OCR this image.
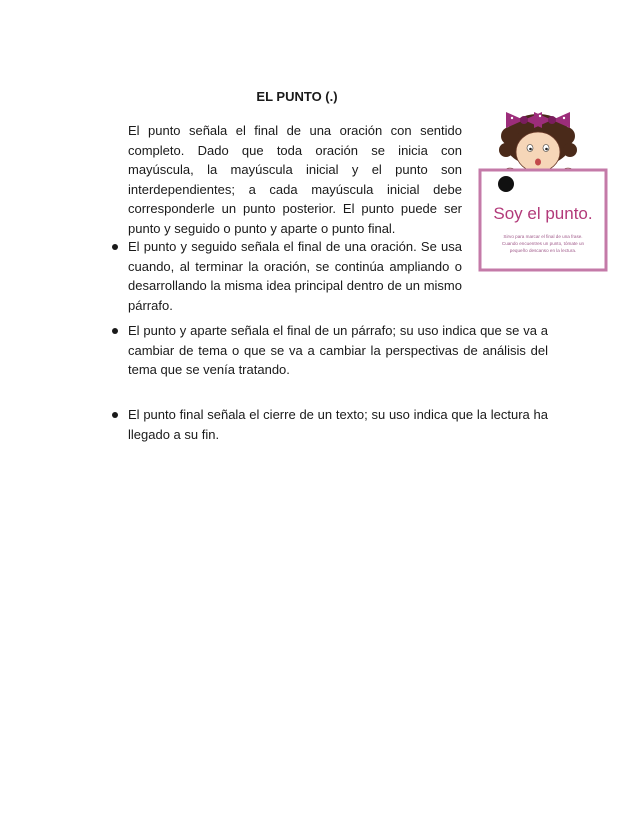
EL PUNTO (.)

El punto señala el final de una oración con sentido completo. Dado que toda oración se inicia con mayúscula, la mayúscula inicial y el punto son interdependientes; a cada mayúscula inicial debe corresponderle un punto posterior. El punto puede ser punto y seguido o punto y aparte o punto final.

El punto y seguido señala el final de una oración. Se usa cuando, al terminar la oración, se continúa ampliando o desarrollando la misma idea principal dentro de un mismo párrafo.

El punto y aparte señala el final de un párrafo; su uso indica que se va a cambiar de tema o que se va a cambiar la perspectivas de análisis del tema que se venía tratando.

El punto final señala el cierre de un texto; su uso indica que la lectura ha llegado a su fin.

Soy el punto.
Sirvo para marcar el final de una frase.
Cuando encuentres un punto, tómate un
pequeño descanso en la lectura.
